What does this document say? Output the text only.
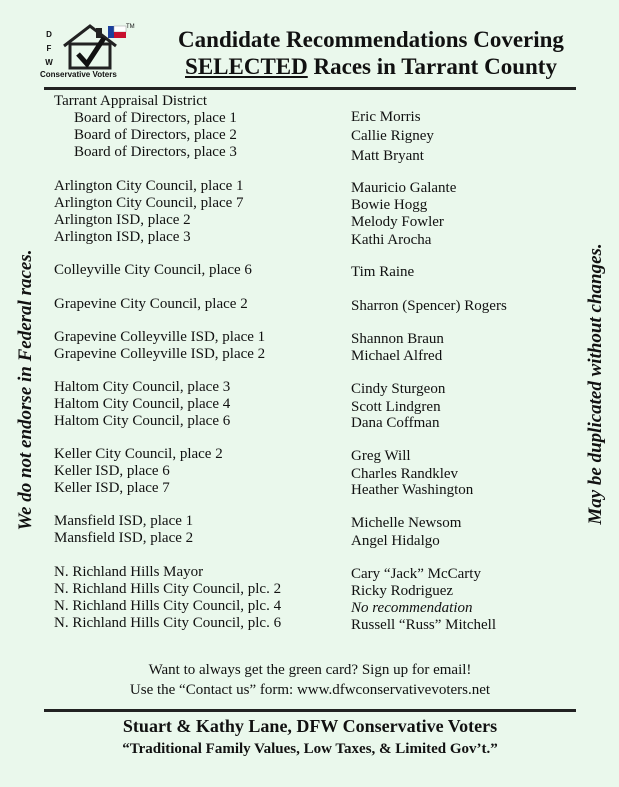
D
F
W
TM
Conservative Voters
Candidate Recommendations Covering
SELECTED Races in Tarrant County
We do not endorse in Federal races.	May be duplicated without changes.
Tarrant Appraisal District
Board of Directors, place 1	Eric Morris
Board of Directors, place 2	Callie Rigney
Board of Directors, place 3	Matt Bryant
Arlington City Council, place 1	Mauricio Galante
Arlington City Council, place 7	Bowie Hogg
Arlington ISD, place 2	Melody Fowler
Arlington ISD, place 3	Kathi Arocha
Colleyville City Council, place 6	Tim Raine
Grapevine City Council, place 2	Sharron (Spencer) Rogers
Grapevine Colleyville ISD, place 1	Shannon Braun
Grapevine Colleyville ISD, place 2	Michael Alfred
Haltom City Council, place 3	Cindy Sturgeon
Haltom City Council, place 4	Scott Lindgren
Haltom City Council, place 6	Dana Coffman
Keller City Council, place 2	Greg Will
Keller ISD, place 6	Charles Randklev
Keller ISD, place 7	Heather Washington
Mansfield ISD, place 1	Michelle Newsom
Mansfield ISD, place 2	Angel Hidalgo
N. Richland Hills Mayor	Cary “Jack” McCarty
N. Richland Hills City Council, plc. 2	Ricky Rodriguez
N. Richland Hills City Council, plc. 4	No recommendation
N. Richland Hills City Council, plc. 6	Russell “Russ” Mitchell
Want to always get the green card? Sign up for email!
Use the “Contact us” form: www.dfwconservativevoters.net
Stuart & Kathy Lane, DFW Conservative Voters
“Traditional Family Values, Low Taxes, & Limited Gov’t.”
